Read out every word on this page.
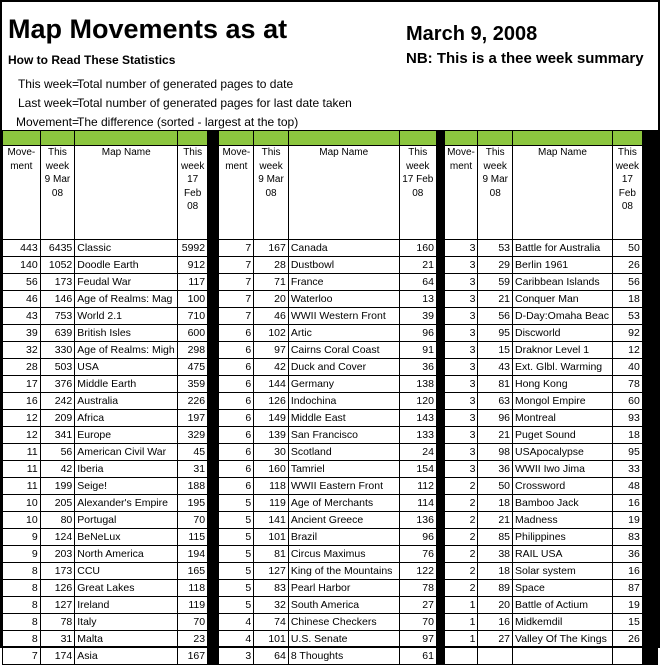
Map Movements as at	March 9, 2008
How to Read These Statistics	NB: This is a thee week summary
This week=Total number of generated pages to date
Last week=Total number of generated pages for last date taken
Movement=The difference (sorted - largest at the top)

Move- ment	This week 9 Mar 08	Map Name	This week 17 Feb 08		Move- ment	This week 9 Mar 08	Map Name	This week 17 Feb 08		Move- ment	This week 9 Mar 08	Map Name	This week 17 Feb 08	
443	6435	Classic	5992		7	167	Canada	160		3	53	Battle for Australia	50	
140	1052	Doodle Earth	912		7	28	Dustbowl	21		3	29	Berlin 1961	26	
56	173	Feudal War	117		7	71	France	64		3	59	Caribbean Islands	56	
46	146	Age of Realms: Mag	100		7	20	Waterloo	13		3	21	Conquer Man	18	
43	753	World 2.1	710		7	46	WWII Western Front	39		3	56	D-Day:Omaha Beac	53	
39	639	British Isles	600		6	102	Artic	96		3	95	Discworld	92	
32	330	Age of Realms: Migh	298		6	97	Cairns Coral Coast	91		3	15	Draknor Level 1	12	
28	503	USA	475		6	42	Duck and Cover	36		3	43	Ext. Glbl. Warming	40	
17	376	Middle Earth	359		6	144	Germany	138		3	81	Hong Kong	78	
16	242	Australia	226		6	126	Indochina	120		3	63	Mongol Empire	60	
12	209	Africa	197		6	149	Middle East	143		3	96	Montreal	93	
12	341	Europe	329		6	139	San Francisco	133		3	21	Puget Sound	18	
11	56	American Civil War	45		6	30	Scotland	24		3	98	USApocalypse	95	
11	42	Iberia	31		6	160	Tamriel	154		3	36	WWII Iwo Jima	33	
11	199	Seige!	188		6	118	WWII Eastern Front	112		2	50	Crossword	48	
10	205	Alexander's Empire	195		5	119	Age of Merchants	114		2	18	Bamboo Jack	16	
10	80	Portugal	70		5	141	Ancient Greece	136		2	21	Madness	19	
9	124	BeNeLux	115		5	101	Brazil	96		2	85	Philippines	83	
9	203	North America	194		5	81	Circus Maximus	76		2	38	RAIL USA	36	
8	173	CCU	165		5	127	King of the Mountains	122		2	18	Solar system	16	
8	126	Great Lakes	118		5	83	Pearl Harbor	78		2	89	Space	87	
8	127	Ireland	119		5	32	South America	27		1	20	Battle of Actium	19	
8	78	Italy	70		4	74	Chinese Checkers	70		1	16	Midkemdil	15	
8	31	Malta	23		4	101	U.S. Senate	97		1	27	Valley Of The Kings	26	
7	174	Asia	167		3	64	8 Thoughts	61						
